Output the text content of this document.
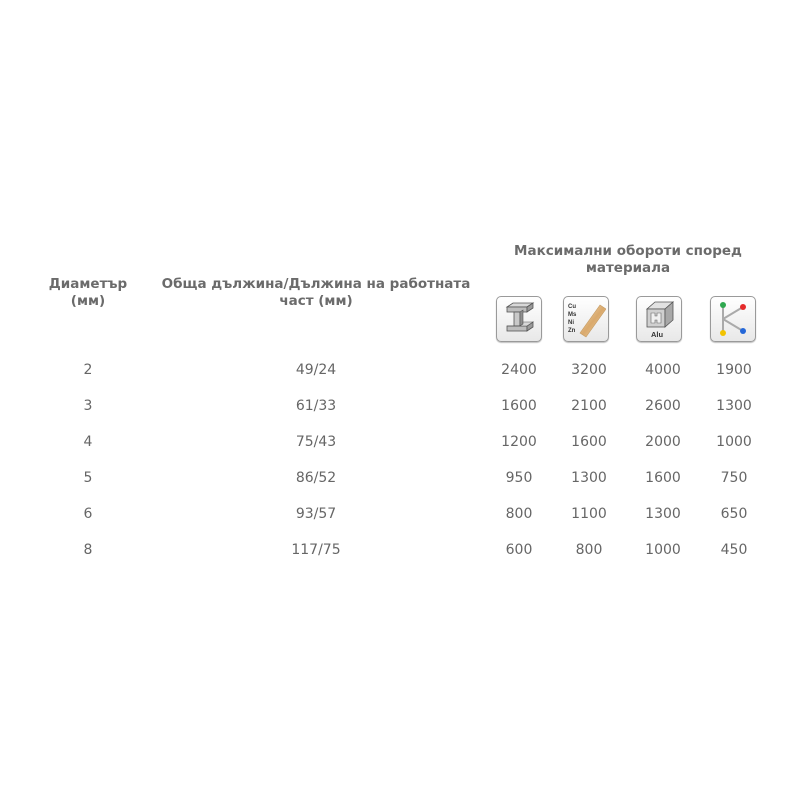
Диаметър
(мм)
Обща дължина/Дължина на работната
част (мм)
Максимални обороти според
материала
Cu
Ms
Ni
Zn	Alu
2	49/24	2400	3200	4000	1900
3	61/33	1600	2100	2600	1300
4	75/43	1200	1600	2000	1000
5	86/52	950	1300	1600	750
6	93/57	800	1100	1300	650
8	117/75	600	800	1000	450
